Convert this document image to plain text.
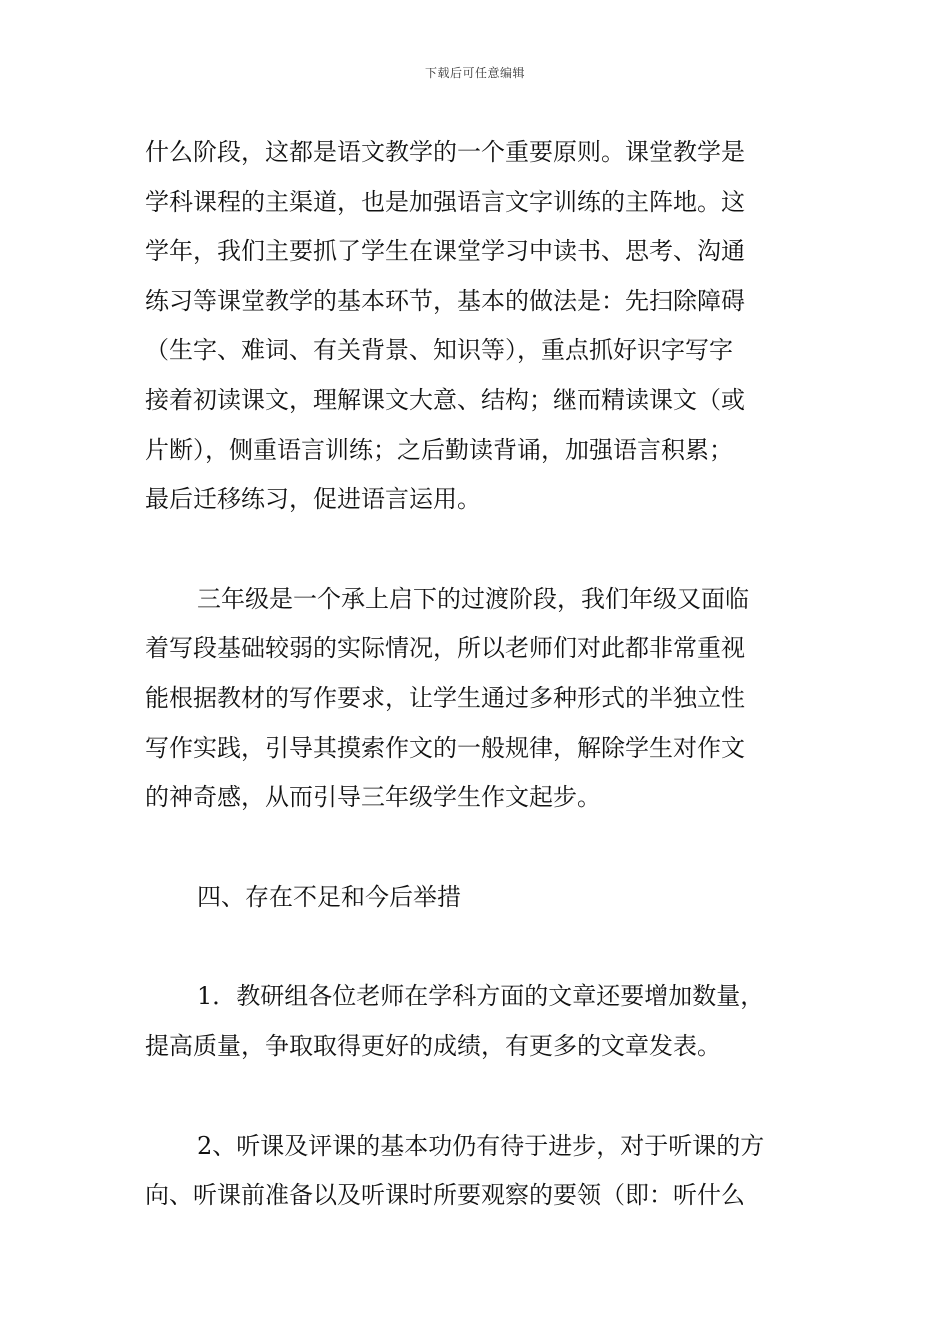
下载后可任意编辑
什么阶段，这都是语文教学的一个重要原则。课堂教学是
学科课程的主渠道，也是加强语言文字训练的主阵地。这
学年，我们主要抓了学生在课堂学习中读书、思考、沟通
练习等课堂教学的基本环节，基本的做法是：先扫除障碍
（生字、难词、有关背景、知识等），重点抓好识字写字
接着初读课文，理解课文大意、结构；继而精读课文（或
片断），侧重语言训练；之后勤读背诵，加强语言积累；
最后迁移练习，促进语言运用。
三年级是一个承上启下的过渡阶段，我们年级又面临
着写段基础较弱的实际情况，所以老师们对此都非常重视
能根据教材的写作要求，让学生通过多种形式的半独立性
写作实践，引导其摸索作文的一般规律，解除学生对作文
的神奇感，从而引导三年级学生作文起步。
四、存在不足和今后举措
1．教研组各位老师在学科方面的文章还要增加数量，
提高质量，争取取得更好的成绩，有更多的文章发表。
2、听课及评课的基本功仍有待于进步，对于听课的方
向、听课前准备以及听课时所要观察的要领（即：听什么
